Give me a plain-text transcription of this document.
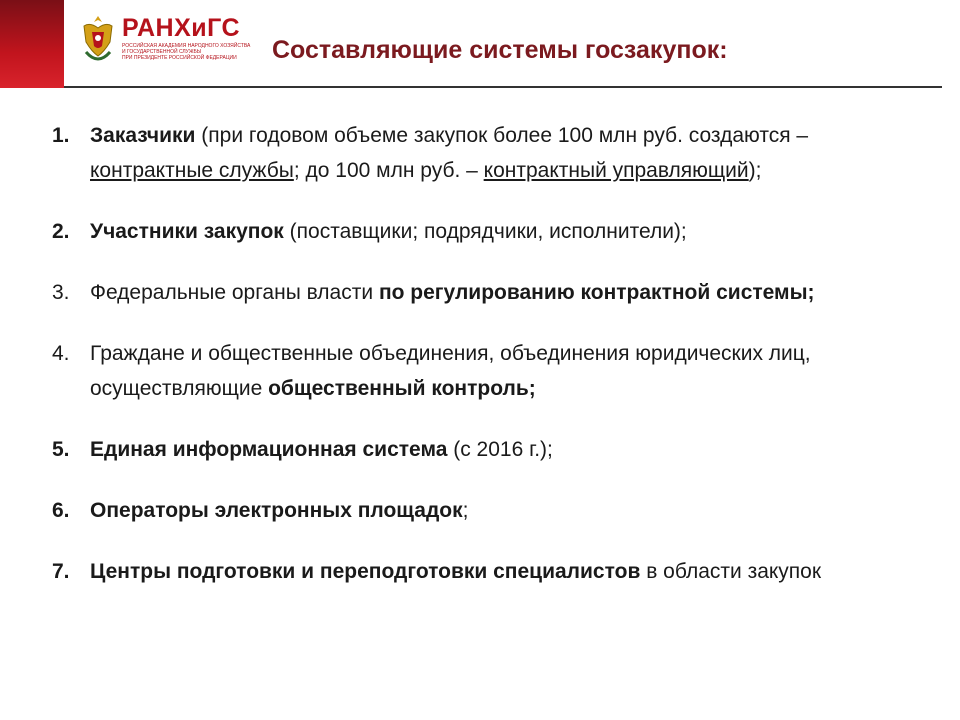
РАНХиГС
РОССИЙСКАЯ АКАДЕМИЯ НАРОДНОГО ХОЗЯЙСТВА
И ГОСУДАРСТВЕННОЙ СЛУЖБЫ
ПРИ ПРЕЗИДЕНТЕ РОССИЙСКОЙ ФЕДЕРАЦИИ Составляющие системы госзакупок:
1. Заказчики (при годовом объеме закупок более 100 млн руб. создаются – контрактные службы; до 100 млн руб. – контрактный управляющий);
2. Участники закупок (поставщики; подрядчики, исполнители);
3. Федеральные органы власти по регулированию контрактной системы;
4. Граждане и общественные объединения, объединения юридических лиц, осуществляющие общественный контроль;
5. Единая информационная система (с 2016 г.);
6. Операторы электронных площадок;
7. Центры подготовки и переподготовки специалистов в области закупок
